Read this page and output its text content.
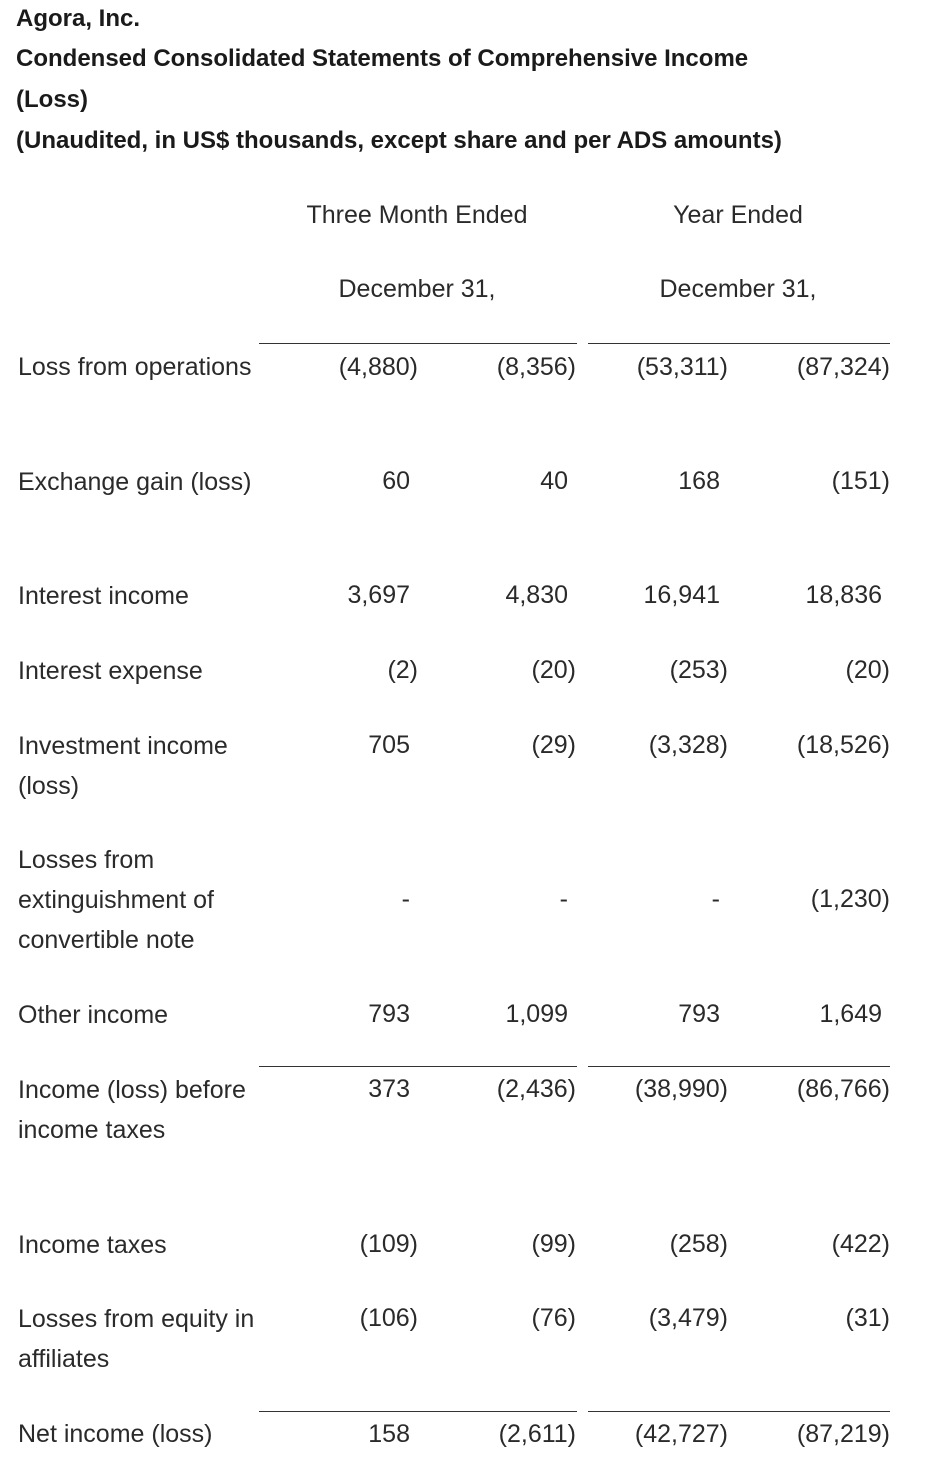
Agora, Inc.
Condensed Consolidated Statements of Comprehensive Income
(Loss)
(Unaudited, in US$ thousands, except share and per ADS amounts)
Three Month Ended
December 31,
Year Ended
December 31,
Loss from operations	(4,880)	(8,356) (53,311)	(87,324)
Exchange gain (loss)	60	40	168	(151)
Interest income	3,697	4,830	16,941	18,836
Interest expense	(2)	(20)	(253)	(20)
Investment income (loss)
705	(29)	(3,328)	(18,526)
Losses from extinguishment of convertible note
-	-	-	(1,230)
Other income	793	1,099	793	1,649
Income (loss) before income taxes
373	(2,436) (38,990)	(86,766)
Income taxes	(109)	(99)	(258)	(422)
Losses from equity in affiliates
(106)	(76)	(3,479)	(31)
Net income (loss)	158	(2,611) (42,727)	(87,219)
